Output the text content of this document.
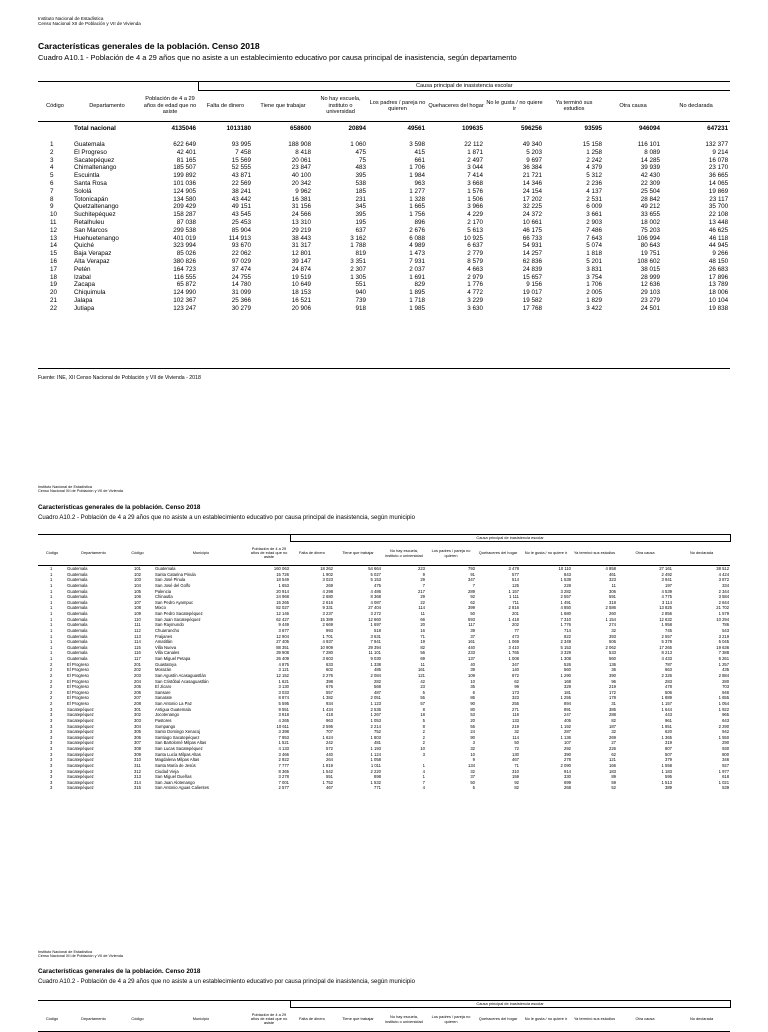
Instituto Nacional de Estadística
Censo Nacional XII de Población y VII de Vivienda
Características generales de la población. Censo 2018
Cuadro A10.1 - Población de 4 a 29 años que no asiste a un establecimiento educativo por causa principal de inasistencia, según departamento
			Causa principal de inasistencia escolar								
Código	Departamento	Población de 4 a 29 años de edad que no asiste	Falta de dinero	Tiene que trabajar	No hay escuela, instituto o universidad	Los padres / pareja no quieren	Quehaceres del hogar	No le gusta / no quiere ir	Ya terminó sus estudios	Otra causa	No declarada
	Total nacional	4135046	1013180	658600	20894	49561	109635	596256	93595	946094	647231

1	Guatemala	622 649	93 995	188 908	1 060	3 598	22 112	49 340	15 158	116 101	132 377
2	El Progreso	42 401	7 458	8 418	475	415	1 871	5 203	1 258	8 089	9 214
3	Sacatepéquez	81 165	15 569	20 061	75	661	2 497	9 697	2 242	14 285	16 078
4	Chimaltenango	185 507	52 555	23 847	483	1 706	3 044	36 384	4 379	39 939	23 170
5	Escuintla	199 892	43 871	40 100	395	1 984	7 414	21 721	5 312	42 430	36 665
6	Santa Rosa	101 036	22 569	20 342	538	963	3 668	14 346	2 236	22 309	14 065
7	Sololá	124 905	38 241	9 962	185	1 277	1 576	24 154	4 137	25 504	19 869
8	Totonicapán	134 580	43 442	16 381	231	1 328	1 506	17 202	2 531	28 842	23 117
9	Quetzaltenango	209 429	49 151	31 156	345	1 665	3 966	32 225	6 009	49 212	35 700
10	Suchitepéquez	158 287	43 545	24 566	395	1 756	4 229	24 372	3 661	33 655	22 108
11	Retalhuleu	87 038	25 453	13 310	195	896	2 170	10 661	2 903	18 002	13 448
12	San Marcos	299 538	85 904	29 219	637	2 676	5 613	46 175	7 486	75 203	46 625
13	Huehuetenango	401 019	114 913	38 443	3 162	6 088	10 925	66 733	7 643	106 994	46 118
14	Quiché	323 994	93 670	31 317	1 788	4 989	6 637	54 931	5 074	80 643	44 945
15	Baja Verapaz	85 026	22 062	12 801	819	1 473	2 779	14 257	1 818	19 751	9 266
16	Alta Verapaz	380 826	97 029	39 147	3 351	7 931	8 579	62 836	5 201	108 602	48 150
17	Petén	164 723	37 474	24 874	2 307	2 037	4 663	24 839	3 831	38 015	26 683
18	Izabal	116 555	24 755	19 519	1 305	1 691	2 979	15 657	3 754	28 999	17 896
19	Zacapa	65 872	14 780	10 649	551	829	1 776	9 156	1 706	12 636	13 789
20	Chiquimula	124 990	31 099	18 153	940	1 895	4 772	19 017	2 005	29 103	18 006
21	Jalapa	102 367	25 366	16 521	739	1 718	3 229	19 582	1 829	23 279	10 104
22	Jutiapa	123 247	30 279	20 906	918	1 985	3 630	17 768	3 422	24 501	19 838
Fuente: INE, XII Censo Nacional de Población y VII de Vivienda - 2018
Instituto Nacional de Estadística
Censo Nacional XII de Población y VII de Vivienda
Características generales de la población. Censo 2018
Cuadro A10.2 - Población de 4 a 29 años que no asiste a un establecimiento educativo por causa principal de inasistencia, según municipio
					Causa principal de inasistencia escolar								
Código	Departamento	Código	Municipio	Población de 4 a 29 años de edad que no asiste	Falta de dinero	Tiene que trabajar	No hay escuela, instituto o universidad	Los padres / pareja no quieren	Quehaceres del hogar	No le gusta / no quiere ir	Ya terminó sus estudios	Otra causa	No declarada
1	Guatemala	101	Guatemala	160 063	18 262	54 664	223	793	3 478	10 110	4 858	27 161	38 512
1	Guatemala	102	Santa Catarina Pinula	15 726	1 902	5 027	9	91	577	843	461	2 492	4 424
1	Guatemala	103	San José Pinula	18 549	3 023	5 153	29	347	514	1 538	323	3 941	3 872
1	Guatemala	104	San José del Golfo	1 653	269	475	7	7	125	228	11	197	334
1	Guatemala	105	Palencia	20 914	4 298	4 486	217	289	1 157	3 282	306	4 539	2 344
1	Guatemala	106	Chinautla	24 968	2 680	8 368	29	92	1 111	2 557	591	4 775	3 584
1	Guatemala	107	San Pedro Ayampuc	15 265	2 616	4 087	22	62	711	1 491	318	3 114	2 844
1	Guatemala	108	Mixco	82 027	9 331	27 404	114	399	2 816	4 850	2 586	13 825	21 702
1	Guatemala	109	San Pedro Sacatepéquez	12 146	3 237	3 272	11	50	201	1 680	260	2 856	1 579
1	Guatemala	110	San Juan Sacatepéquez	62 427	15 389	12 660	66	593	1 418	7 310	1 154	12 632	10 294
1	Guatemala	111	San Raymundo	9 449	2 669	1 697	20	117	202	1 776	274	1 958	786
1	Guatemala	112	Chuarrancho	3 677	993	518	16	39	77	714	32	745	543
1	Guatemala	113	Fraijanes	12 904	1 701	3 631	71	37	473	822	393	2 557	3 219
1	Guatemala	114	Amatitlán	27 405	4 937	7 941	19	161	1 069	2 349	506	5 378	5 045
1	Guatemala	115	Villa Nueva	88 351	10 909	29 394	82	440	3 410	5 153	2 062	17 265	19 636
1	Guatemala	116	Villa Canales	39 908	7 280	11 101	56	233	1 765	3 329	533	8 213	7 388
1	Guatemala	117	San Miguel Petapa	26 409	3 603	9 030	69	137	1 008	1 308	560	4 433	6 261
2	El Progreso	201	Guastatoya	4 875	633	1 338	11	40	347	526	136	787	1 257
2	El Progreso	202	Morazán	3 121	602	485	161	39	140	560	36	663	435
2	El Progreso	203	San Agustín Acasaguastlán	12 152	2 276	2 084	121	109	672	1 290	390	2 326	2 884
2	El Progreso	204	San Cristóbal Acasaguastlán	1 621	398	282	42	10	62	168	96	283	280
2	El Progreso	205	El Jícaro	3 130	676	568	23	35	99	329	219	478	703
2	El Progreso	206	Sansare	3 033	557	487	5	6	173	181	172	506	946
2	El Progreso	207	Sanarate	8 874	1 382	2 051	55	86	323	1 255	178	1 889	1 655
2	El Progreso	208	San Antonio La Paz	5 595	934	1 123	57	90	255	894	31	1 157	1 054
3	Sacatepéquez	301	Antigua Guatemala	9 551	1 434	2 536	8	80	271	891	385	1 644	1 922
3	Sacatepéquez	302	Jocotenango	3 818	418	1 267	18	53	119	247	288	443	965
3	Sacatepéquez	303	Pastores	4 265	963	1 053	5	20	133	405	82	961	643
3	Sacatepéquez	304	Sumpango	10 611	2 595	2 214	8	55	219	1 192	187	1 851	2 290
3	Sacatepéquez	305	Santo Domingo Xenacoj	3 398	707	752	2	24	32	287	32	620	942
3	Sacatepéquez	306	Santiago Sacatepéquez	7 953	1 624	1 803	2	90	114	1 136	269	1 365	1 550
3	Sacatepéquez	307	San Bartolomé Milpas Altas	1 521	242	481	2	3	50	107	27	319	290
3	Sacatepéquez	308	San Lucas Sacatepéquez	4 133	572	1 193	10	32	72	292	226	807	930
3	Sacatepéquez	309	Santa Lucía Milpas Altas	3 466	440	1 124	3	10	130	390	62	507	800
3	Sacatepéquez	310	Magdalena Milpas Altas	2 922	264	1 058		9	467	278	121	379	346
3	Sacatepéquez	311	Santa María de Jesús	7 777	1 819	1 011	1	134	71	2 090	166	1 558	927
3	Sacatepéquez	312	Ciudad Vieja	8 365	1 542	2 220	4	32	310	914	183	1 183	1 977
3	Sacatepéquez	313	San Miguel Dueñas	3 278	551	898	1	37	159	330	89	595	618
3	Sacatepéquez	314	San Juan Alotenango	7 001	1 752	1 532	7	50	92	699	59	1 513	1 021
3	Sacatepéquez	315	San Antonio Aguas Calientes	2 577	467	771	4	5	82	268	52	389	539
Instituto Nacional de Estadística
Censo Nacional XII de Población y VII de Vivienda
Características generales de la población. Censo 2018
Cuadro A10.2 - Población de 4 a 29 años que no asiste a un establecimiento educativo por causa principal de inasistencia, según municipio
					Causa principal de inasistencia escolar								
Código	Departamento	Código	Municipio	Población de 4 a 29 años de edad que no asiste	Falta de dinero	Tiene que trabajar	No hay escuela, instituto o universidad	Los padres / pareja no quieren	Quehaceres del hogar	No le gusta / no quiere ir	Ya terminó sus estudios	Otra causa	No declarada
